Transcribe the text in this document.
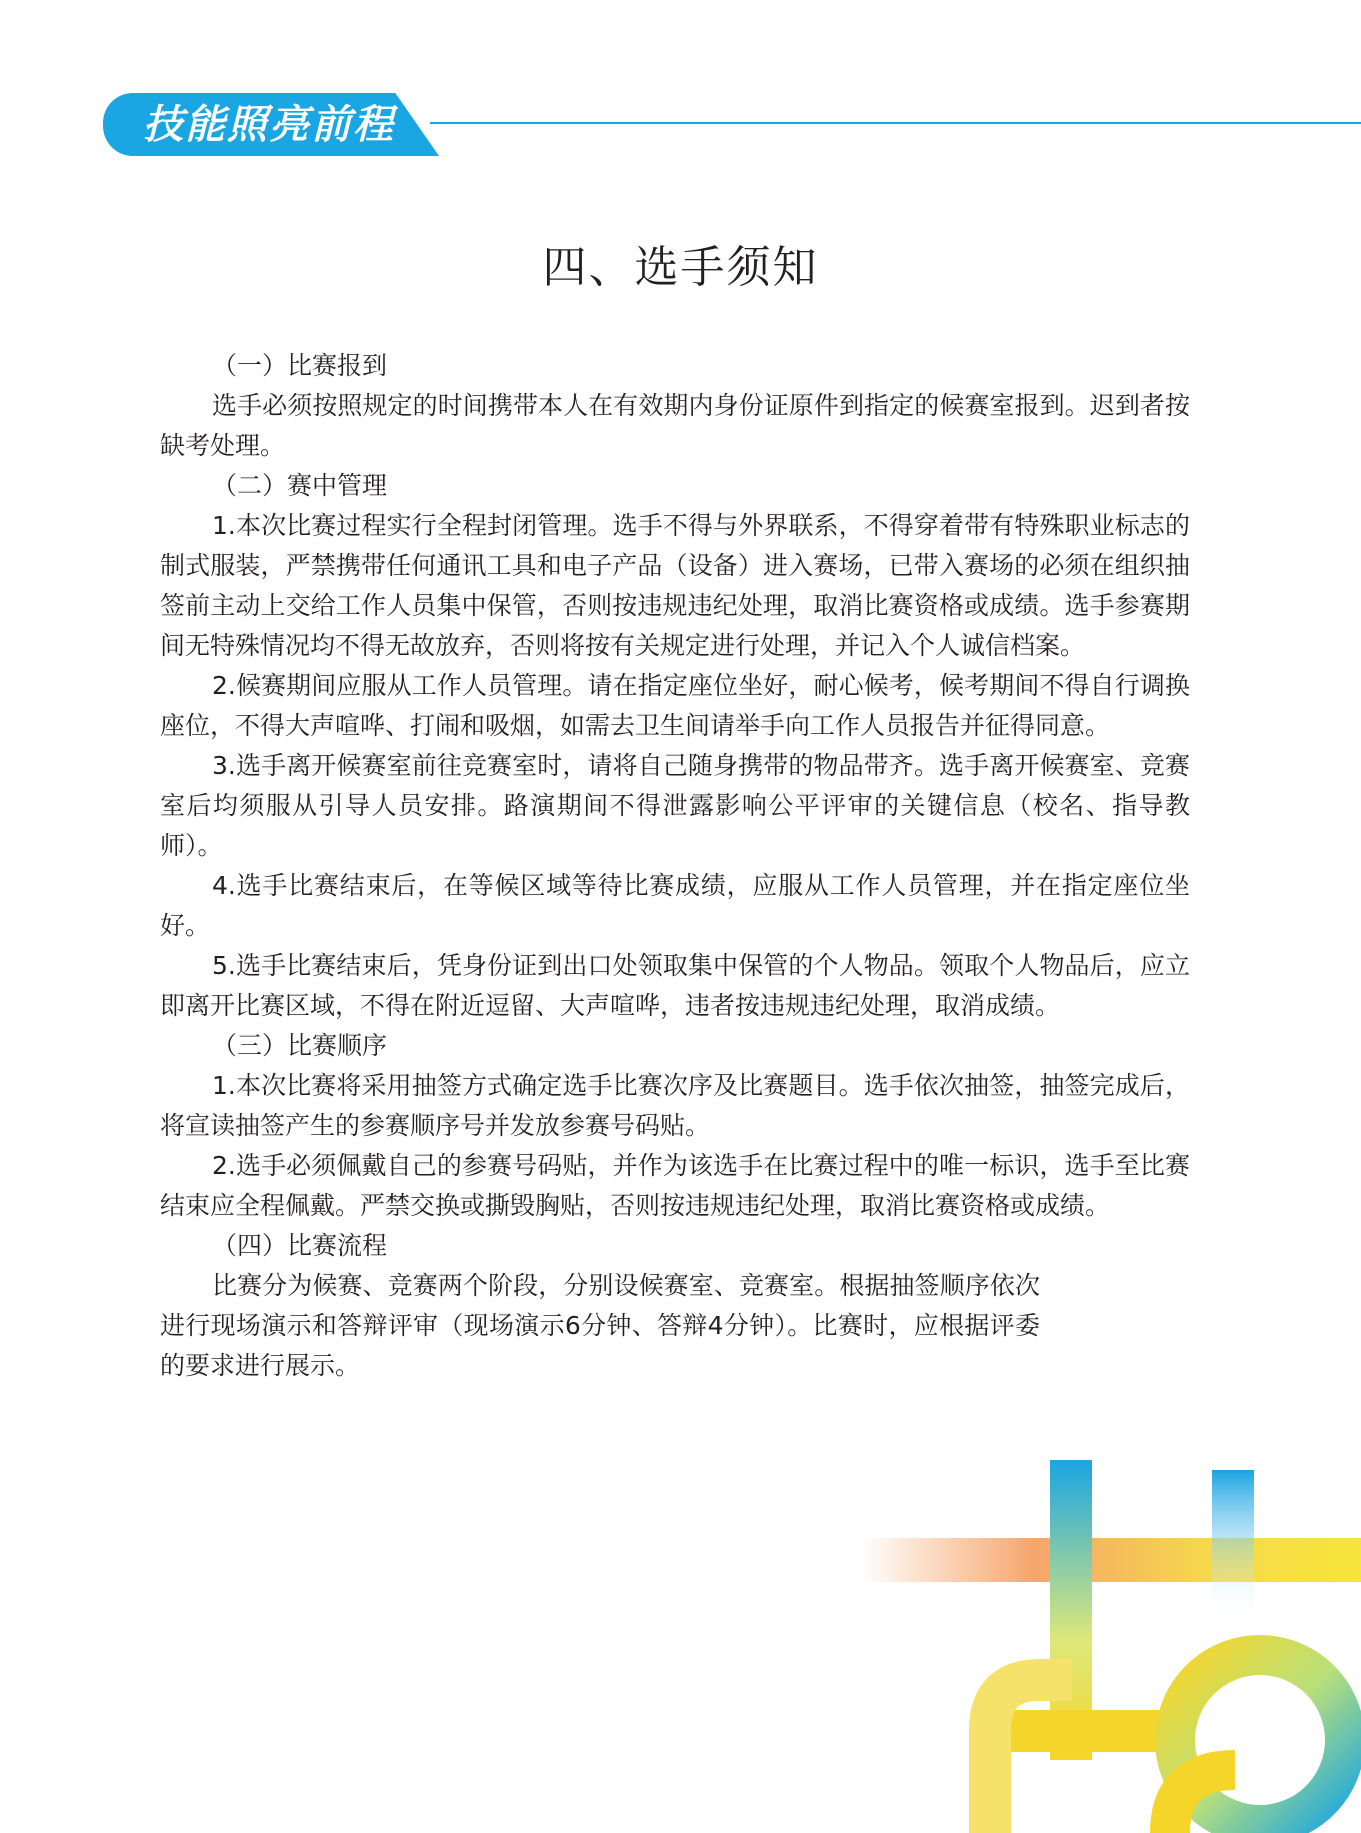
技能照亮前程
四、选手须知

（一）比赛报到

选手必须按照规定的时间携带本人在有效期内身份证原件到指定的候赛室报到。迟到者按缺考处理。

（二）赛中管理

1.本次比赛过程实行全程封闭管理。选手不得与外界联系，不得穿着带有特殊职业标志的制式服装，严禁携带任何通讯工具和电子产品（设备）进入赛场，已带入赛场的必须在组织抽签前主动上交给工作人员集中保管，否则按违规违纪处理，取消比赛资格或成绩。选手参赛期间无特殊情况均不得无故放弃，否则将按有关规定进行处理，并记入个人诚信档案。

2.候赛期间应服从工作人员管理。请在指定座位坐好，耐心候考，候考期间不得自行调换座位，不得大声喧哗、打闹和吸烟，如需去卫生间请举手向工作人员报告并征得同意。

3.选手离开候赛室前往竞赛室时，请将自己随身携带的物品带齐。选手离开候赛室、竞赛室后均须服从引导人员安排。路演期间不得泄露影响公平评审的关键信息（校名、指导教师）。

4.选手比赛结束后，在等候区域等待比赛成绩，应服从工作人员管理，并在指定座位坐好。

5.选手比赛结束后，凭身份证到出口处领取集中保管的个人物品。领取个人物品后，应立即离开比赛区域，不得在附近逗留、大声喧哗，违者按违规违纪处理，取消成绩。

（三）比赛顺序

1.本次比赛将采用抽签方式确定选手比赛次序及比赛题目。选手依次抽签，抽签完成后，将宣读抽签产生的参赛顺序号并发放参赛号码贴。

2.选手必须佩戴自己的参赛号码贴，并作为该选手在比赛过程中的唯一标识，选手至比赛结束应全程佩戴。严禁交换或撕毁胸贴，否则按违规违纪处理，取消比赛资格或成绩。

（四）比赛流程

比赛分为候赛、竞赛两个阶段，分别设候赛室、竞赛室。根据抽签顺序依次进行现场演示和答辩评审（现场演示6分钟、答辩4分钟）。比赛时，应根据评委的要求进行展示。
